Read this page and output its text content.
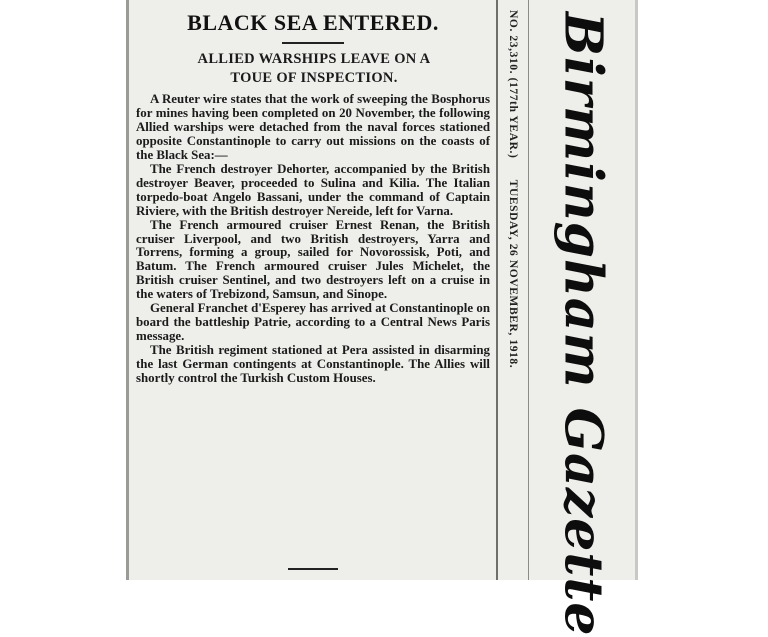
BLACK SEA ENTERED.
ALLIED WARSHIPS LEAVE ON A
TOUE OF INSPECTION.

A Reuter wire states that the work of sweeping the Bosphorus for mines having been completed on 20 November, the following Allied warships were detached from the naval forces stationed opposite Constantinople to carry out missions on the coasts of the Black Sea:—

The French destroyer Dehorter, accompanied by the British destroyer Beaver, proceeded to Sulina and Kilia. The Italian torpedo-boat Angelo Bassani, under the command of Captain Riviere, with the British destroyer Nereide, left for Varna.

The French armoured cruiser Ernest Renan, the British cruiser Liverpool, and two British destroyers, Yarra and Torrens, forming a group, sailed for Novorossisk, Poti, and Batum. The French armoured cruiser Jules Michelet, the British cruiser Sentinel, and two destroyers left on a cruise in the waters of Trebizond, Samsun, and Sinope.

General Franchet d'Esperey has arrived at Constantinople on board the battleship Patrie, according to a Central News Paris message.

The British regiment stationed at Pera assisted in disarming the last German contingents at Constantinople. The Allies will shortly control the Turkish Custom Houses.

NO. 23,310. (177th YEAR.) TUESDAY, 26 NOVEMBER, 1918. Birmingham Gazette
